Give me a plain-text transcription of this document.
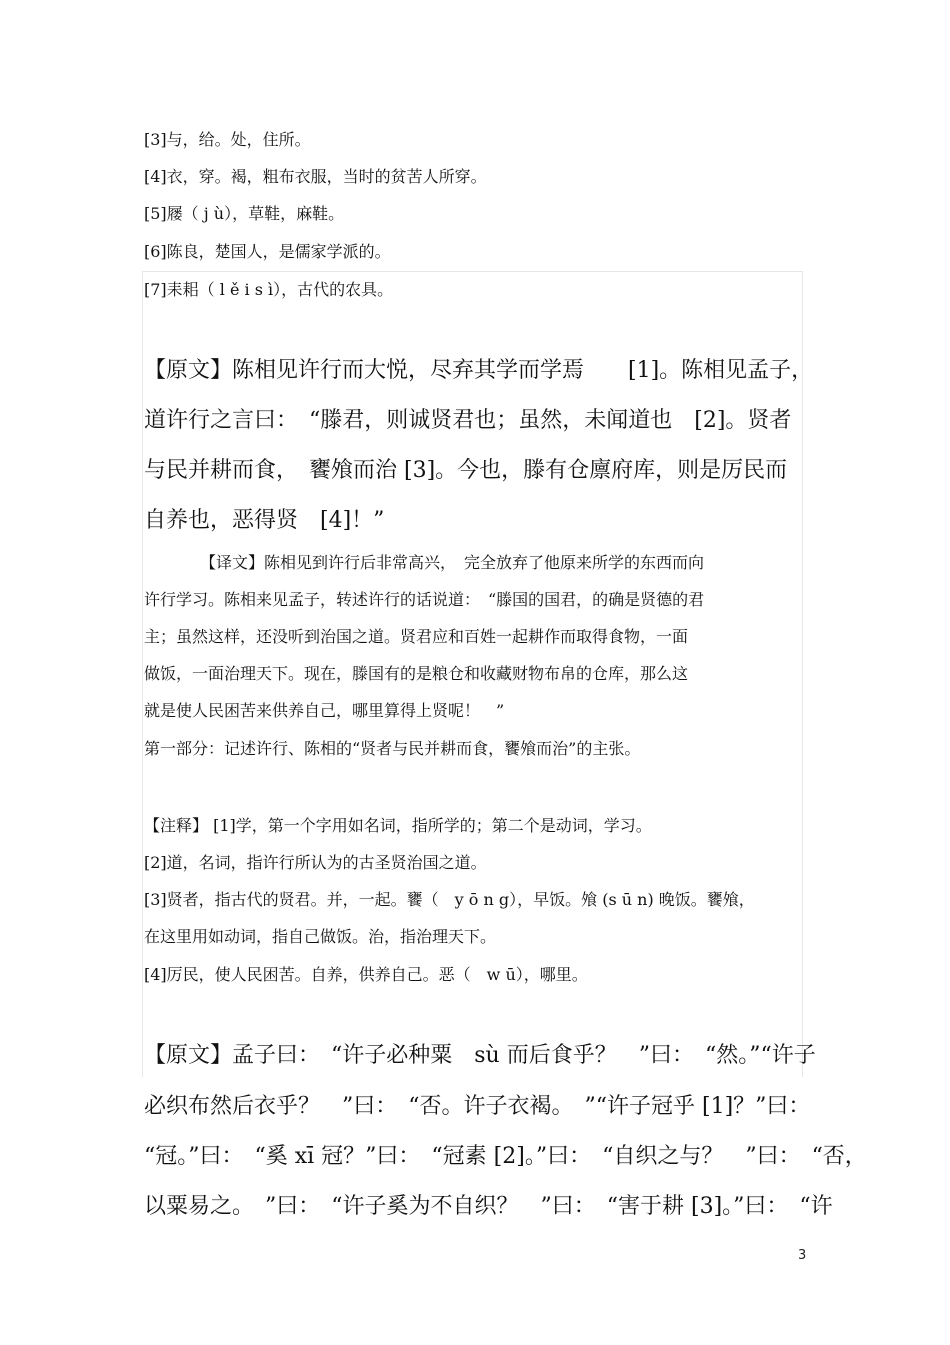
[3]与，给。处，住所。
[4]衣，穿。褐，粗布衣服，当时的贫苦人所穿。
[5]屦（ j ù），草鞋，麻鞋。
[6]陈良，楚国人，是儒家学派的。
[7]耒耜（ l ě i s ì），古代的农具。
【原文】陈相见许行而大悦，尽弃其学而学焉　　[1]。陈相见孟子，
道许行之言曰：　“滕君，则诚贤君也；虽然，未闻道也　[2]。贤者
与民并耕而食，　饔飧而治 [3]。今也，滕有仓廪府库，则是厉民而
自养也，恶得贤　[4]！”
　　　　【译文】陈相见到许行后非常高兴，　完全放弃了他原来所学的东西而向
许行学习。陈相来见孟子，转述许行的话说道：　“滕国的国君，的确是贤德的君
主；虽然这样，还没听到治国之道。贤君应和百姓一起耕作而取得食物，一面
做饭，一面治理天下。现在，滕国有的是粮仓和收藏财物布帛的仓库，那么这
就是使人民困苦来供养自己，哪里算得上贤呢！　”
第一部分：记述许行、陈相的“贤者与民并耕而食，饔飧而治”的主张。
【注释】 [1]学，第一个字用如名词，指所学的；第二个是动词，学习。
[2]道，名词，指许行所认为的古圣贤治国之道。
[3]贤者，指古代的贤君。并，一起。饔（　y ō n g），早饭。飧 (s ū n) 晚饭。饔飧，
在这里用如动词，指自己做饭。治，指治理天下。
[4]厉民，使人民困苦。自养，供养自己。恶（　w ū），哪里。
【原文】孟子曰：　“许子必种粟　sù 而后食乎？　”曰：　“然。”“许子
必织布然后衣乎？　”曰：　“否。许子衣褐。　”“许子冠乎 [1]？”曰：
“冠。”曰：　“奚 xī 冠？”曰：　“冠素 [2]。”曰：　“自织之与？　”曰：　“否，
以粟易之。　”曰：　“许子奚为不自织？　”曰：　“害于耕 [3]。”曰：　“许
3
